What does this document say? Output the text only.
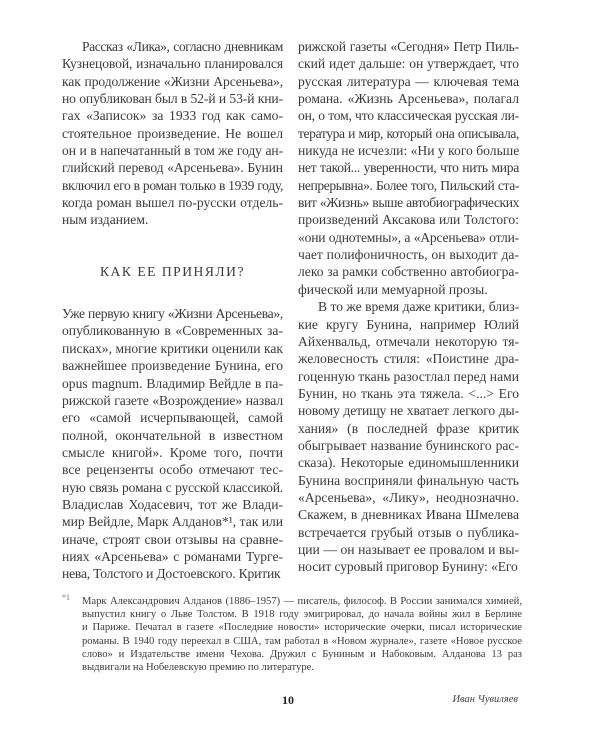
Рассказ «Лика», согласно дневникам
Кузнецовой, изначально планировался
как продолжение «Жизни Арсеньева»,
но опубликован был в 52-й и 53-й кни-
гах «Записок» за 1933 год как само-
стоятельное произведение. Не вошел
он и в напечатанный в том же году ан-
глийский перевод «Арсеньева». Бунин
включил его в роман только в 1939 году,
когда роман вышел по-русски отдель-
ным изданием.
КАК ЕЕ ПРИНЯЛИ?
Уже первую книгу «Жизни Арсеньева»,
опубликованную в «Современных за-
писках», многие критики оценили как
важнейшее произведение Бунина, его
opus magnum. Владимир Вейдле в па-
рижской газете «Возрождение» назвал
его «самой исчерпывающей, самой
полной, окончательной в известном
смысле книгой». Кроме того, почти
все рецензенты особо отмечают тес-
ную связь романа с русской классикой.
Владислав Ходасевич, тот же Влади-
мир Вейдле, Марк Алданов*¹, так или
иначе, строят свои отзывы на сравне-
ниях «Арсеньева» с романами Турге-
нева, Толстого и Достоевского. Критик
рижской газеты «Сегодня» Петр Пиль-
ский идет дальше: он утверждает, что
русская литература — ключевая тема
романа. «Жизнь Арсеньева», полагал
он, о том, что классическая русская ли-
тература и мир, который она описывала,
никуда не исчезли: «Ни у кого больше
нет такой... уверенности, что нить мира
непрерывна». Более того, Пильский ста-
вит «Жизнь» выше автобиографических
произведений Аксакова или Толстого:
«они однотемны», а «Арсеньева» отли-
чает полифоничность, он выходит да-
леко за рамки собственно автобиогра-
фической или мемуарной прозы.
В то же время даже критики, близ-
кие кругу Бунина, например Юлий
Айхенвальд, отмечали некоторую тя-
желовесность стиля: «Поистине дра-
гоценную ткань разостлал перед нами
Бунин, но ткань эта тяжела. <...> Его
новому детищу не хватает легкого ды-
хания» (в последней фразе критик
обыгрывает название бунинского рас-
сказа). Некоторые единомышленники
Бунина восприняли финальную часть
«Арсеньева», «Лику», неоднозначно.
Скажем, в дневниках Ивана Шмелева
встречается грубый отзыв о публика-
ции — он называет ее провалом и вы-
носит суровый приговор Бунину: «Его
*1 Марк Александрович Алданов (1886–1957) — писатель, философ. В России занимался химией,
выпустил книгу о Льве Толстом. В 1918 году эмигрировал, до начала войны жил в Берлине
и Париже. Печатал в газете «Последние новости» исторические очерки, писал исторические
романы. В 1940 году переехал в США, там работал в «Новом журнале», газете «Новое русское
слово» и Издательстве имени Чехова. Дружил с Буниным и Набоковым. Алданова 13 раз
выдвигали на Нобелевскую премию по литературе.
10	Иван Чувиляев
